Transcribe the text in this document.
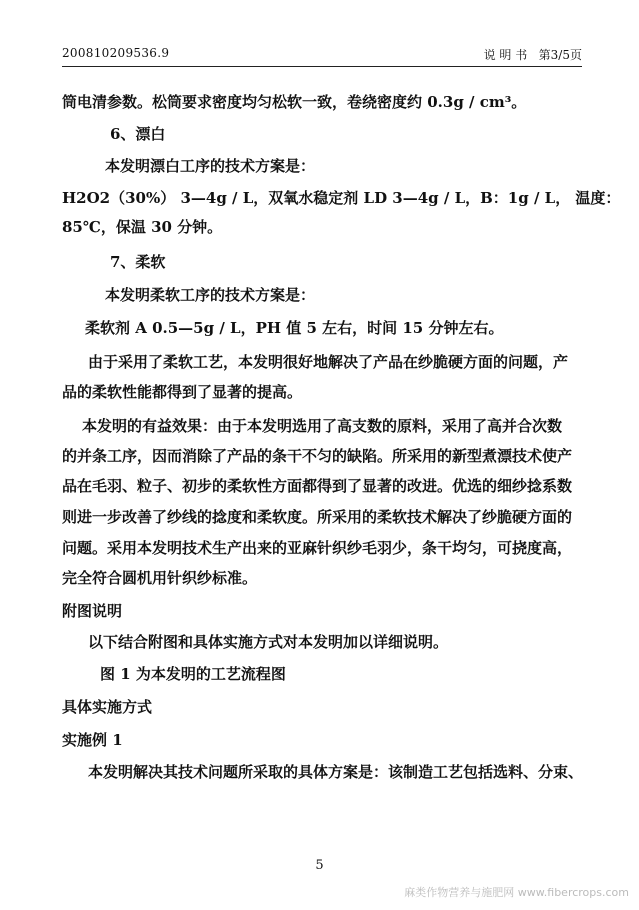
200810209536.9	说 明 书 第3/5页
筒电清参数。松筒要求密度均匀松软一致，卷绕密度约 0.3g / cm³。
6、漂白
本发明漂白工序的技术方案是：
H2O2（30%） 3—4g / L，双氧水稳定剂 LD 3—4g / L，B：1g / L， 温度：
85℃，保温 30 分钟。
7、柔软
本发明柔软工序的技术方案是：
柔软剂 A 0.5—5g / L，PH 值 5 左右，时间 15 分钟左右。
由于采用了柔软工艺，本发明很好地解决了产品在纱脆硬方面的问题，产
品的柔软性能都得到了显著的提高。
本发明的有益效果：由于本发明选用了高支数的原料，采用了高并合次数
的并条工序，因而消除了产品的条干不匀的缺陷。所采用的新型煮漂技术使产
品在毛羽、粒子、初步的柔软性方面都得到了显著的改进。优选的细纱捻系数
则进一步改善了纱线的捻度和柔软度。所采用的柔软技术解决了纱脆硬方面的
问题。采用本发明技术生产出来的亚麻针织纱毛羽少，条干均匀，可挠度高，
完全符合圆机用针织纱标准。
附图说明
以下结合附图和具体实施方式对本发明加以详细说明。
图 1 为本发明的工艺流程图
具体实施方式
实施例 1
本发明解决其技术问题所采取的具体方案是：该制造工艺包括选料、分束、
5
麻类作物营养与施肥网 www.fibercrops.com
